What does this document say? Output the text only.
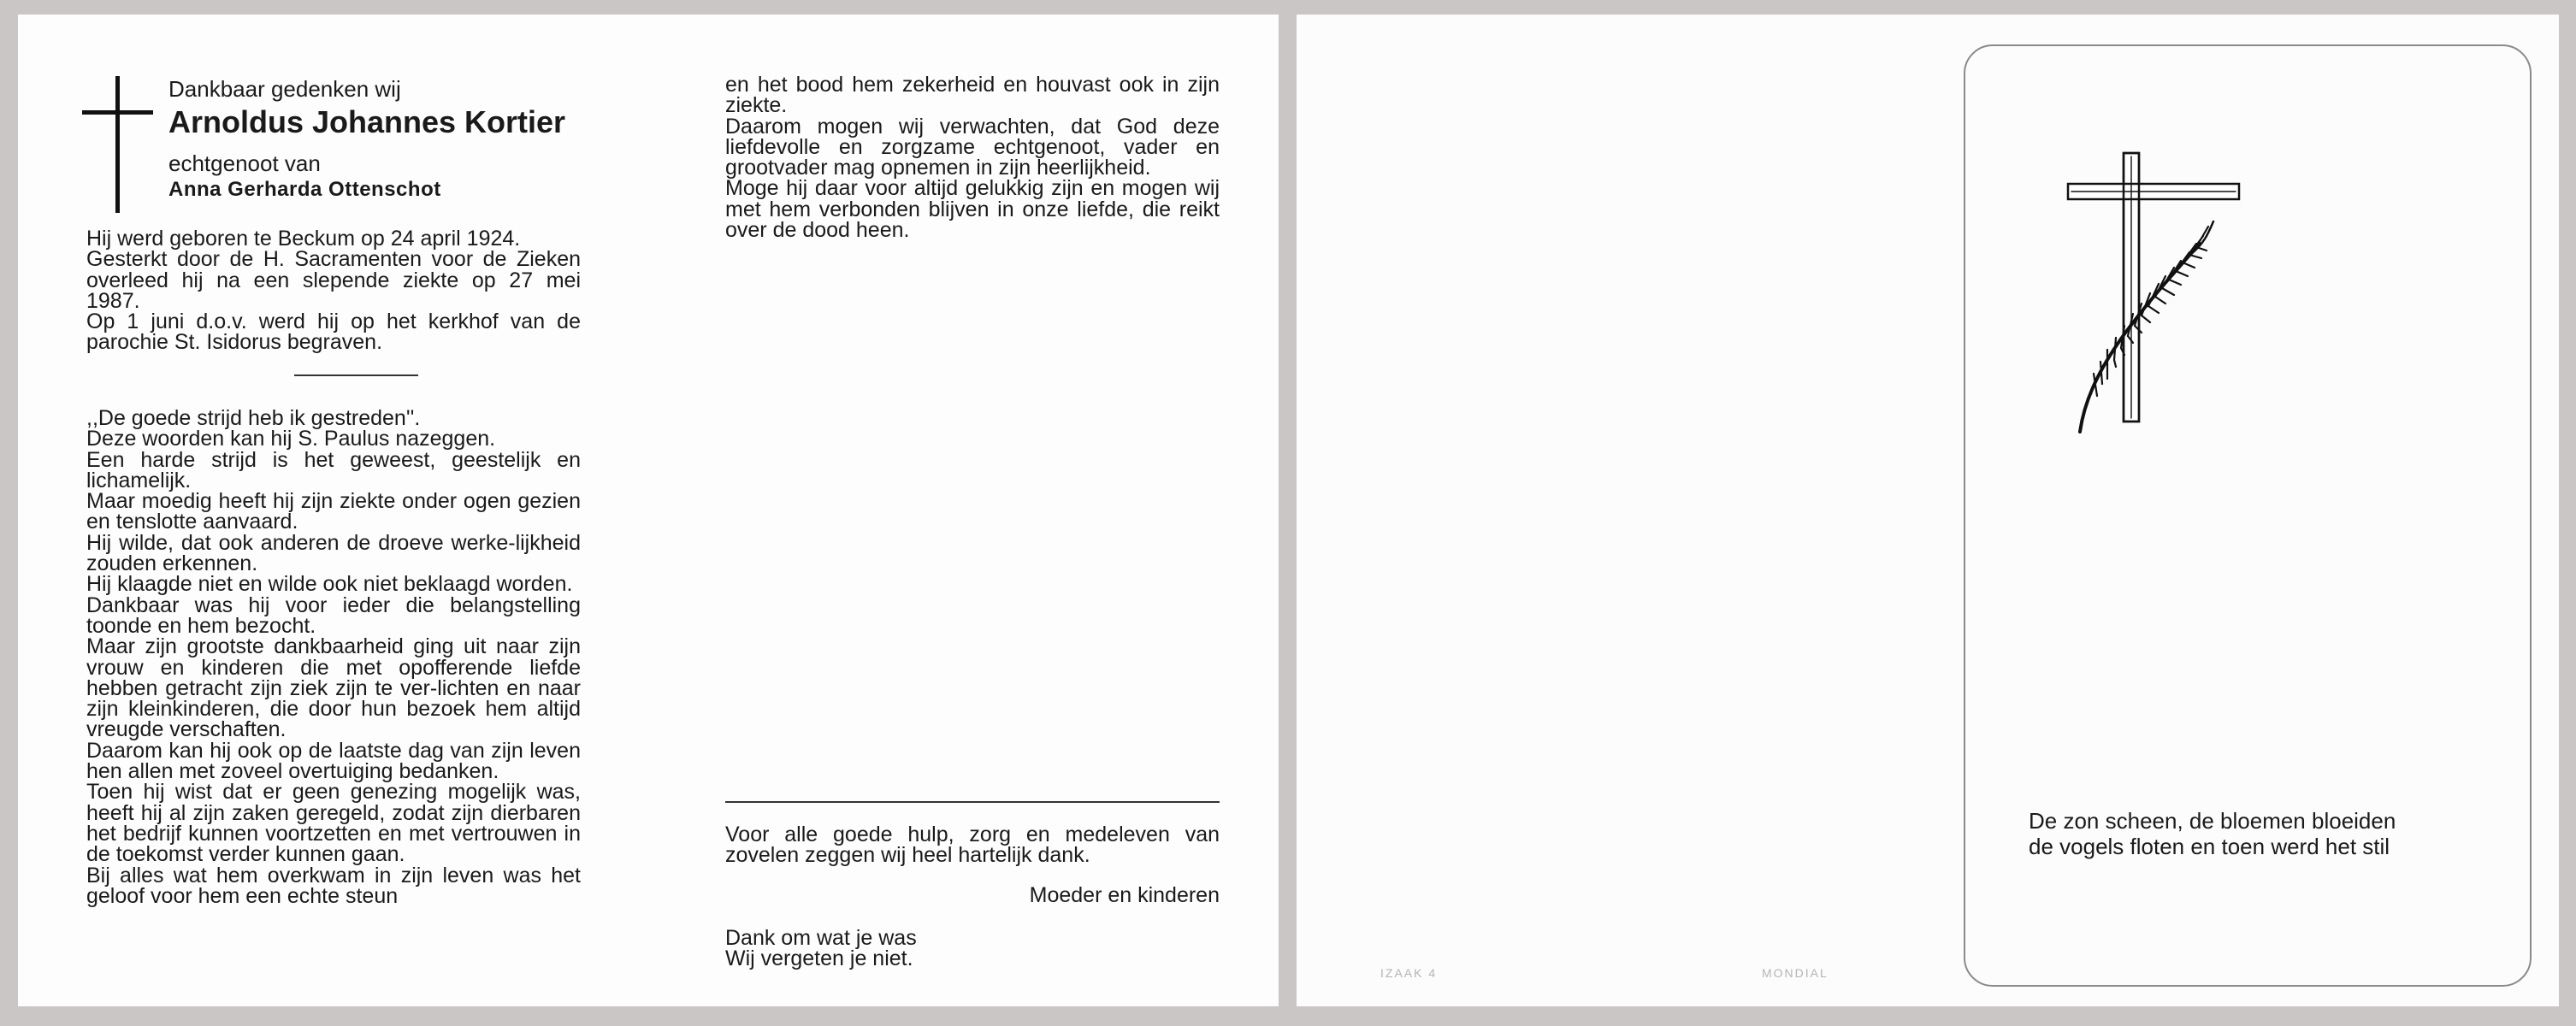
Dankbaar gedenken wij
Arnoldus Johannes Kortier
echtgenoot van
Anna Gerharda Ottenschot

Hij werd geboren te Beckum op 24 april 1924.

Gesterkt door de H. Sacramenten voor de Zieken overleed hij na een slepende ziekte op 27 mei 1987.

Op 1 juni d.o.v. werd hij op het kerkhof van de parochie St. Isidorus begraven.

,,De goede strijd heb ik gestreden''.

Deze woorden kan hij S. Paulus nazeggen.

Een harde strijd is het geweest, geestelijk en lichamelijk.

Maar moedig heeft hij zijn ziekte onder ogen gezien en tenslotte aanvaard.

Hij wilde, dat ook anderen de droeve werke-lijkheid zouden erkennen.

Hij klaagde niet en wilde ook niet beklaagd worden.

Dankbaar was hij voor ieder die belangstelling toonde en hem bezocht.

Maar zijn grootste dankbaarheid ging uit naar zijn vrouw en kinderen die met opofferende liefde hebben getracht zijn ziek zijn te ver-lichten en naar zijn kleinkinderen, die door hun bezoek hem altijd vreugde verschaften.

Daarom kan hij ook op de laatste dag van zijn leven hen allen met zoveel overtuiging bedanken.

Toen hij wist dat er geen genezing mogelijk was, heeft hij al zijn zaken geregeld, zodat zijn dierbaren het bedrijf kunnen voortzetten en met vertrouwen in de toekomst verder kunnen gaan.

Bij alles wat hem overkwam in zijn leven was het geloof voor hem een echte steun

en het bood hem zekerheid en houvast ook in zijn ziekte.

Daarom mogen wij verwachten, dat God deze liefdevolle en zorgzame echtgenoot, vader en grootvader mag opnemen in zijn heerlijkheid.

Moge hij daar voor altijd gelukkig zijn en mogen wij met hem verbonden blijven in onze liefde, die reikt over de dood heen.

Voor alle goede hulp, zorg en medeleven van zovelen zeggen wij heel hartelijk dank.
Moeder en kinderen

Dank om wat je was

Wij vergeten je niet.

IZAAK 4	MONDIAL

De zon scheen, de bloemen bloeiden

de vogels floten en toen werd het stil
